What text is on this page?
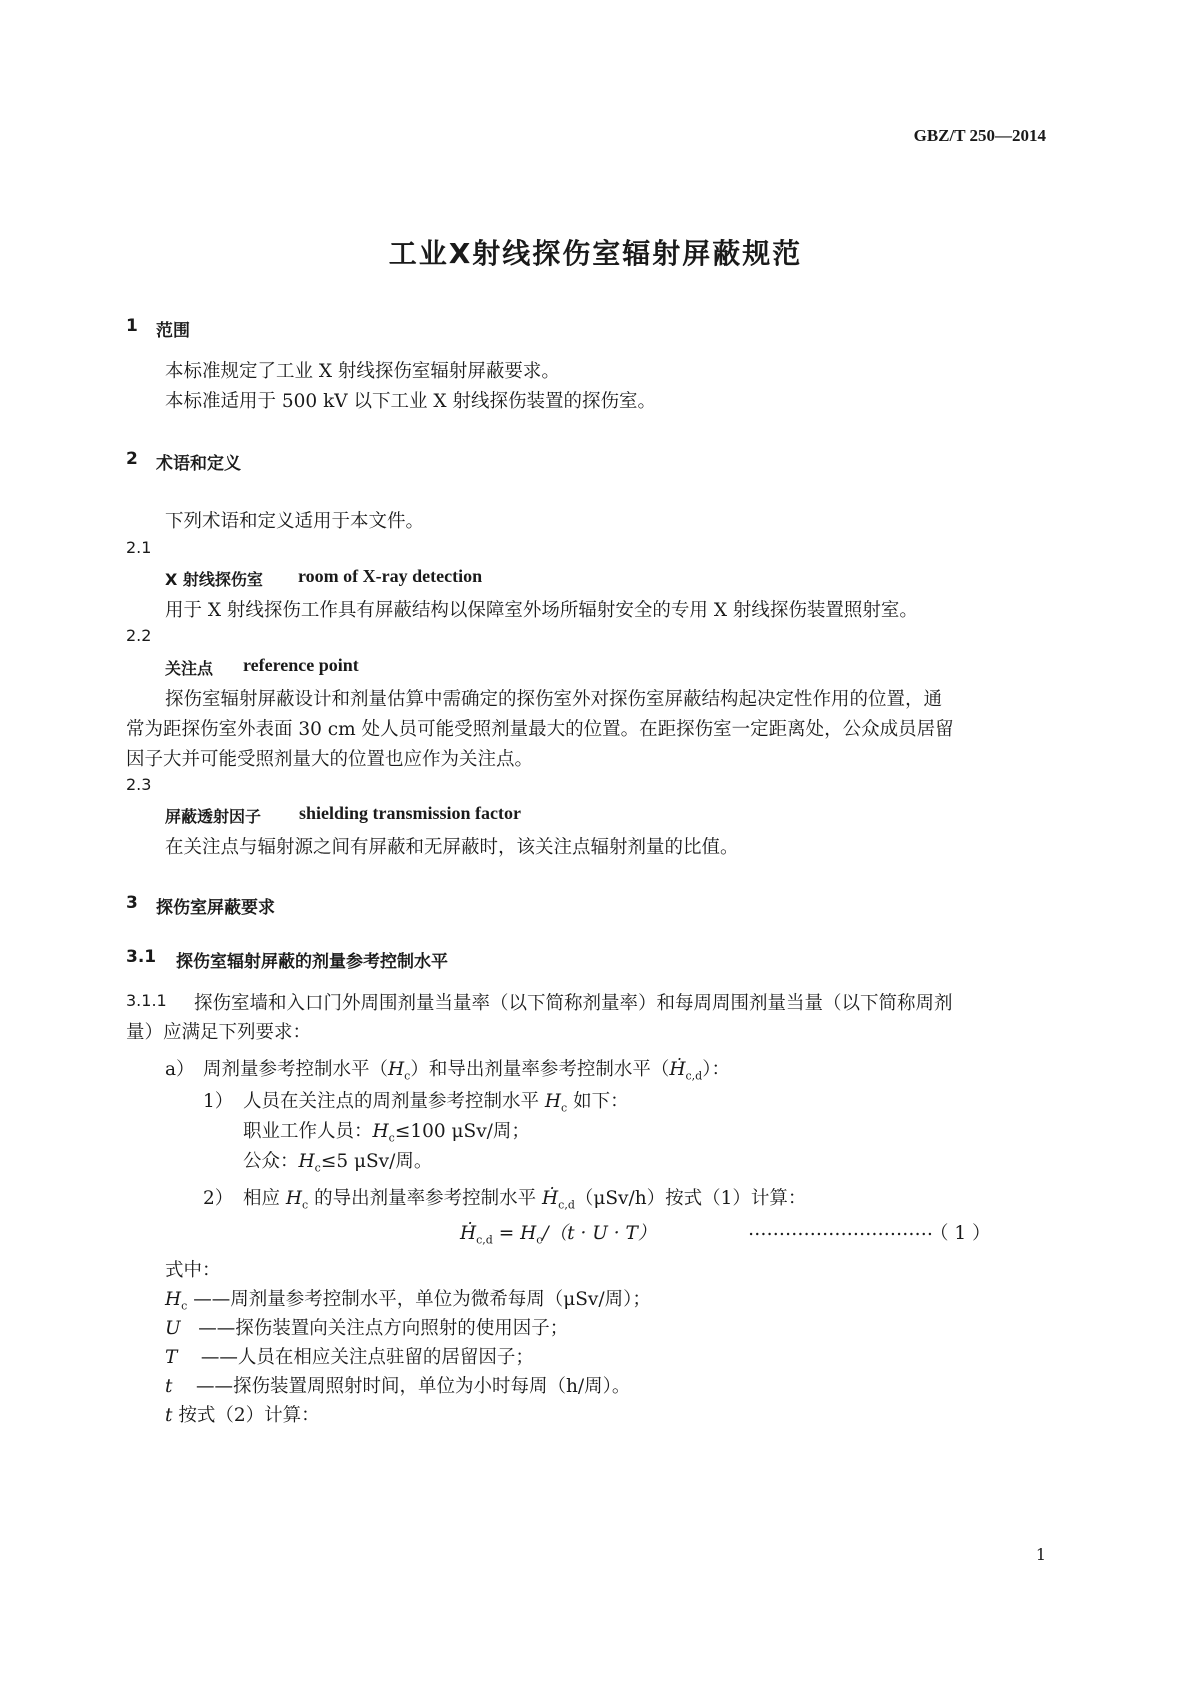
GBZ/T 250—2014
工业X射线探伤室辐射屏蔽规范
1 范围
本标准规定了工业 X 射线探伤室辐射屏蔽要求。
本标准适用于 500 kV 以下工业 X 射线探伤装置的探伤室。
2 术语和定义
下列术语和定义适用于本文件。
2.1
X 射线探伤室 room of X-ray detection
用于 X 射线探伤工作具有屏蔽结构以保障室外场所辐射安全的专用 X 射线探伤装置照射室。
2.2
关注点 reference point
探伤室辐射屏蔽设计和剂量估算中需确定的探伤室外对探伤室屏蔽结构起决定性作用的位置，通
常为距探伤室外表面 30 cm 处人员可能受照剂量最大的位置。在距探伤室一定距离处，公众成员居留
因子大并可能受照剂量大的位置也应作为关注点。
2.3
屏蔽透射因子 shielding transmission factor
在关注点与辐射源之间有屏蔽和无屏蔽时，该关注点辐射剂量的比值。
3 探伤室屏蔽要求
3.1 探伤室辐射屏蔽的剂量参考控制水平
3.1.1 探伤室墙和入口门外周围剂量当量率（以下简称剂量率）和每周周围剂量当量（以下简称周剂
量）应满足下列要求：
a） 周剂量参考控制水平$(H_c)$和导出剂量率参考控制水平（Ḣ$_{c,d}$）：
1） 人员在关注点的周剂量参考控制水平 $H_c$ 如下：
职业工作人员：$H_c\le 100$ μSv/周；
公众：$H_c\le 5$ μSv/周。
2） 相应 $H_c$ 的导出剂量率参考控制水平 Ḣ$_{c,d}$（μSv/h）按式（1）计算：
Ḣ$_{c,d}$ = $H_c/(t \cdot U \cdot T)$	…………………………
（ 1 ）
式中：
$H_c$ ——周剂量参考控制水平，单位为微希每周（μSv/周）；
U ——探伤装置向关注点方向照射的使用因子；
T ——人员在相应关注点驻留的居留因子；
t ——探伤装置周照射时间，单位为小时每周（h/周）。
t 按式（2）计算：
1
